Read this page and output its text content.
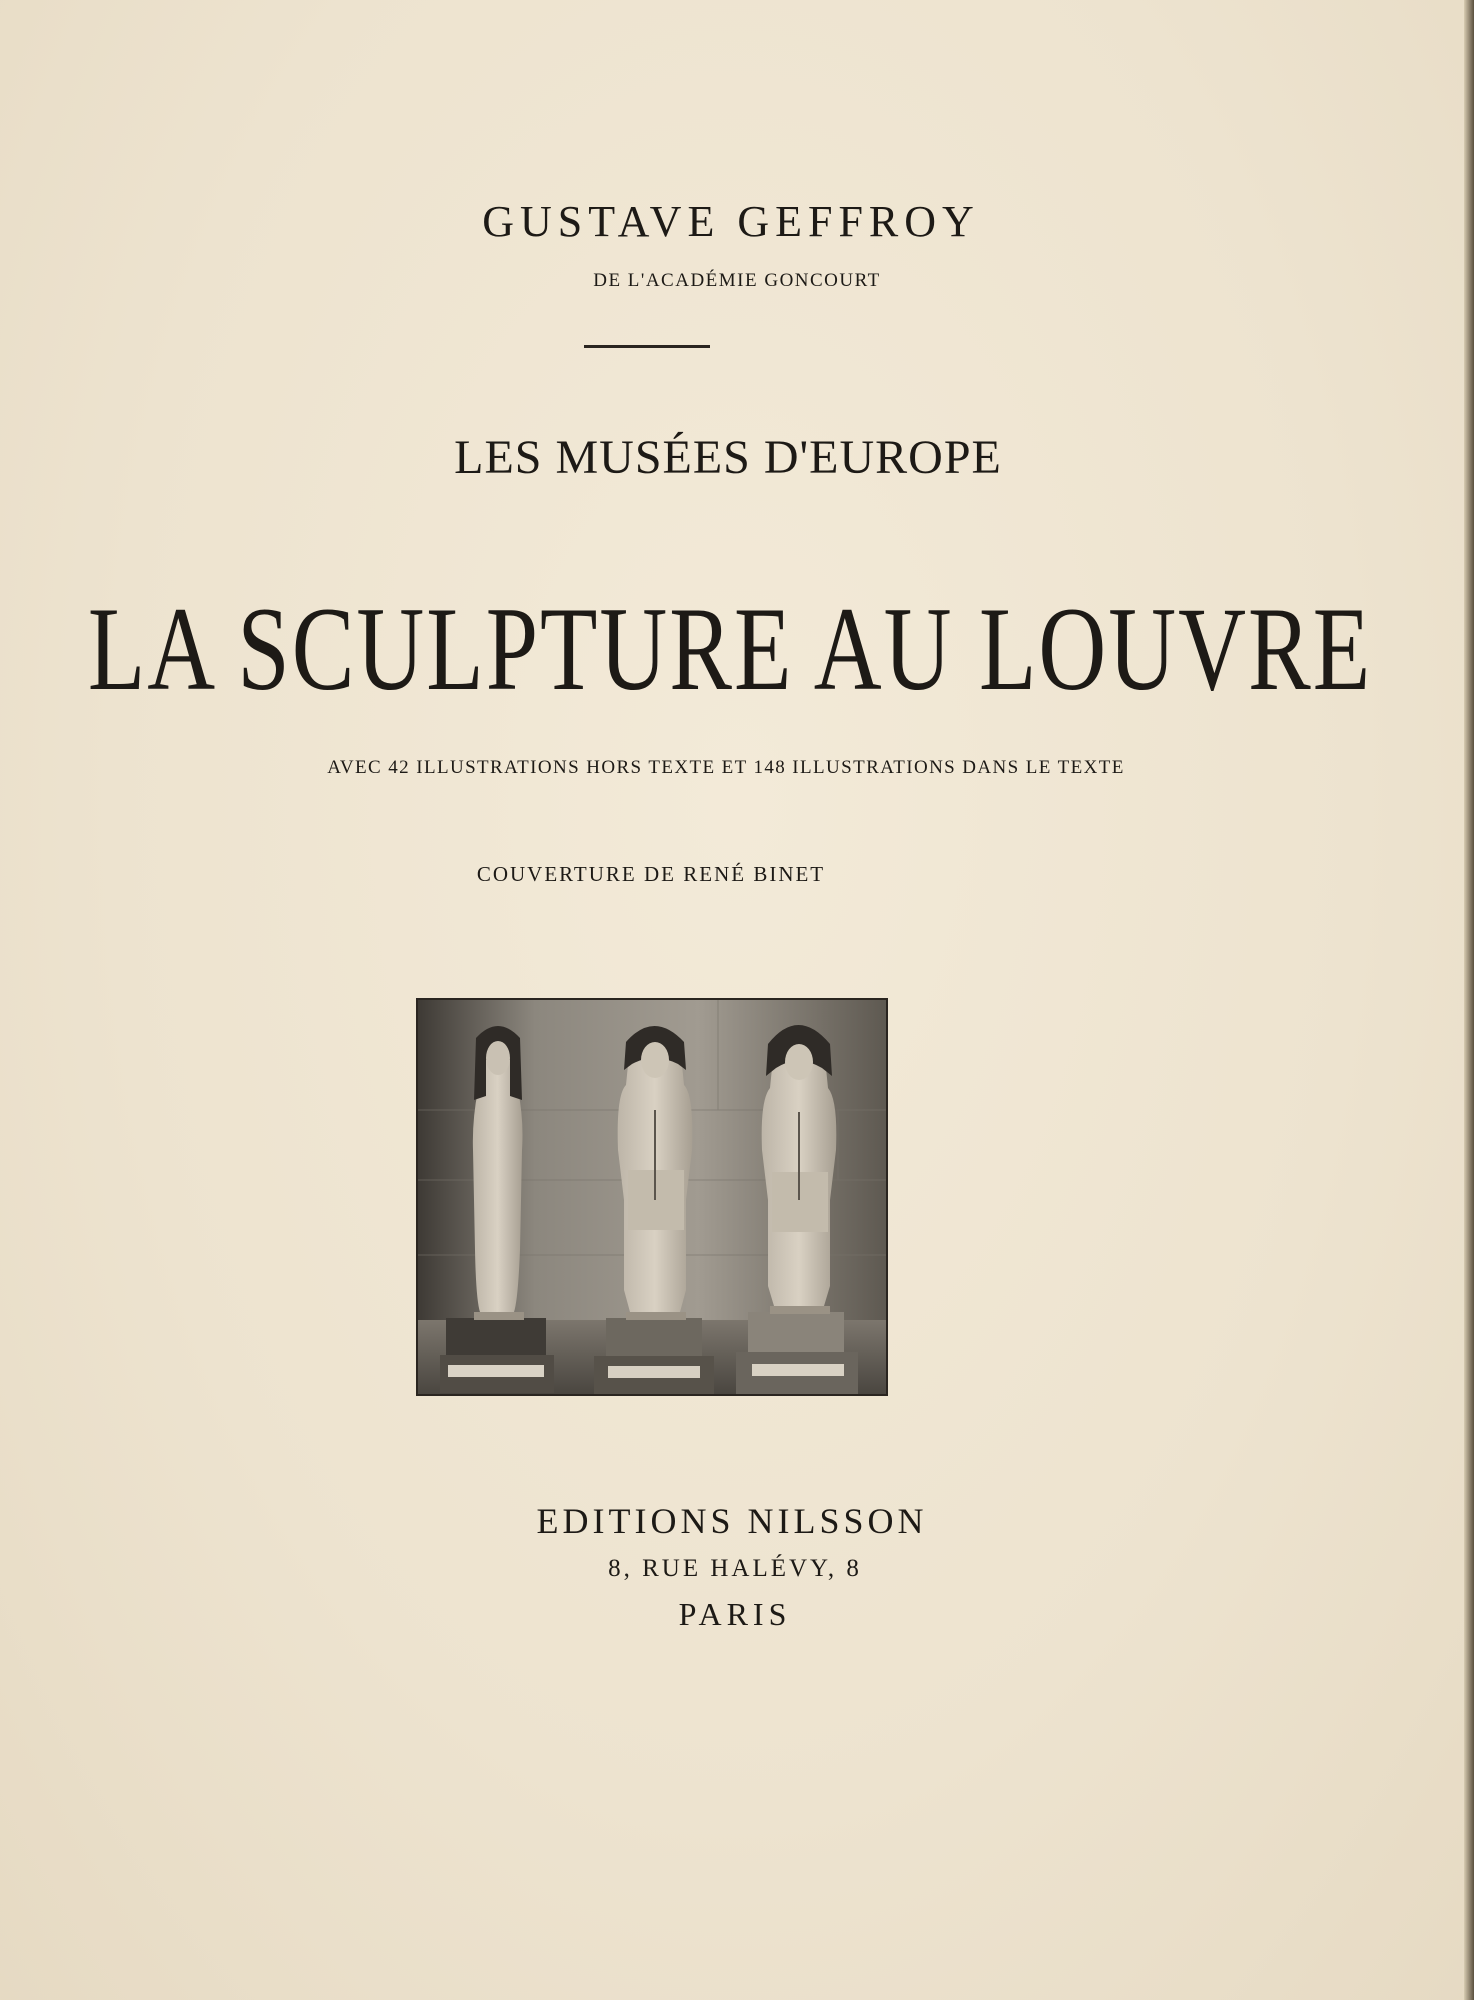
GUSTAVE GEFFROY
DE L'ACADÉMIE GONCOURT
LES MUSÉES D'EUROPE
LA SCULPTURE AU LOUVRE
AVEC 42 ILLUSTRATIONS HORS TEXTE ET 148 ILLUSTRATIONS DANS LE TEXTE
COUVERTURE DE RENÉ BINET
EDITIONS NILSSON
8, RUE HALÉVY, 8
PARIS
